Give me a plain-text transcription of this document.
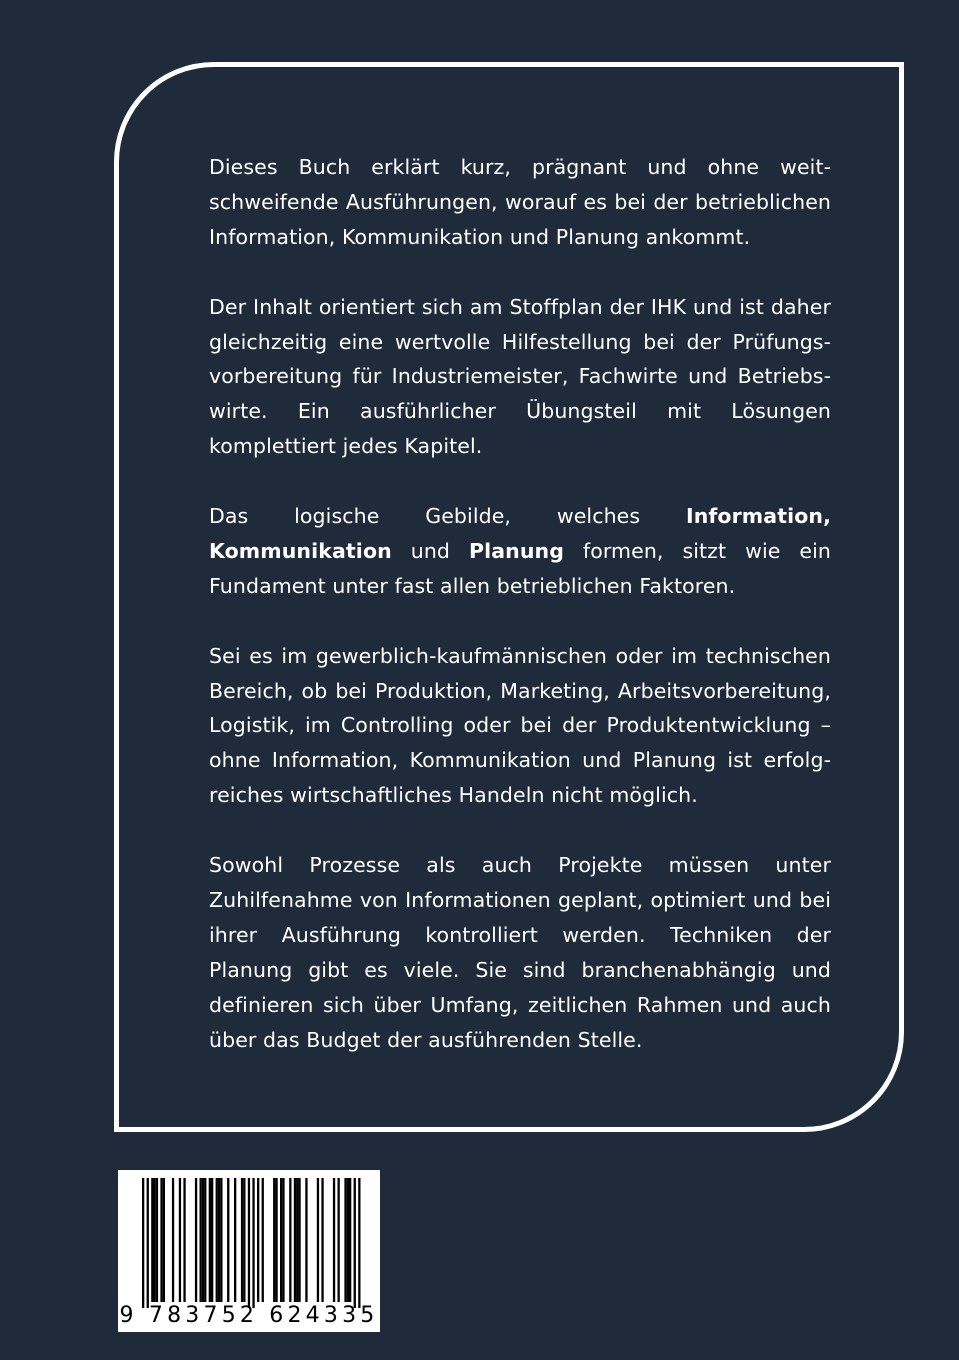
Dieses Buch erklärt kurz, prägnant und ohne weitschweifende Ausführungen, worauf es bei der betrieblichen Information, Kommunikation und Planung ankommt.

Der Inhalt orientiert sich am Stoffplan der IHK und ist daher gleichzeitig eine wertvolle Hilfestellung bei der Prüfungsvorbereitung für Industriemeister, Fachwirte und Betriebswirte. Ein ausführlicher Übungsteil mit Lösungen komplettiert jedes Kapitel.

Das logische Gebilde, welches Information, Kommunikation und Planung formen, sitzt wie ein Fundament unter fast allen betrieblichen Faktoren.

Sei es im gewerblich-kaufmännischen oder im technischen Bereich, ob bei Produktion, Marketing, Arbeitsvorbereitung, Logistik, im Controlling oder bei der Produktentwicklung – ohne Information, Kommunikation und Planung ist erfolgreiches wirtschaftliches Handeln nicht möglich.

Sowohl Prozesse als auch Projekte müssen unter Zuhilfenahme von Informationen geplant, optimiert und bei ihrer Ausführung kontrolliert werden. Techniken der Planung gibt es viele. Sie sind branchenabhängig und definieren sich über Umfang, zeitlichen Rahmen und auch über das Budget der ausführenden Stelle.

9 783752 624335
